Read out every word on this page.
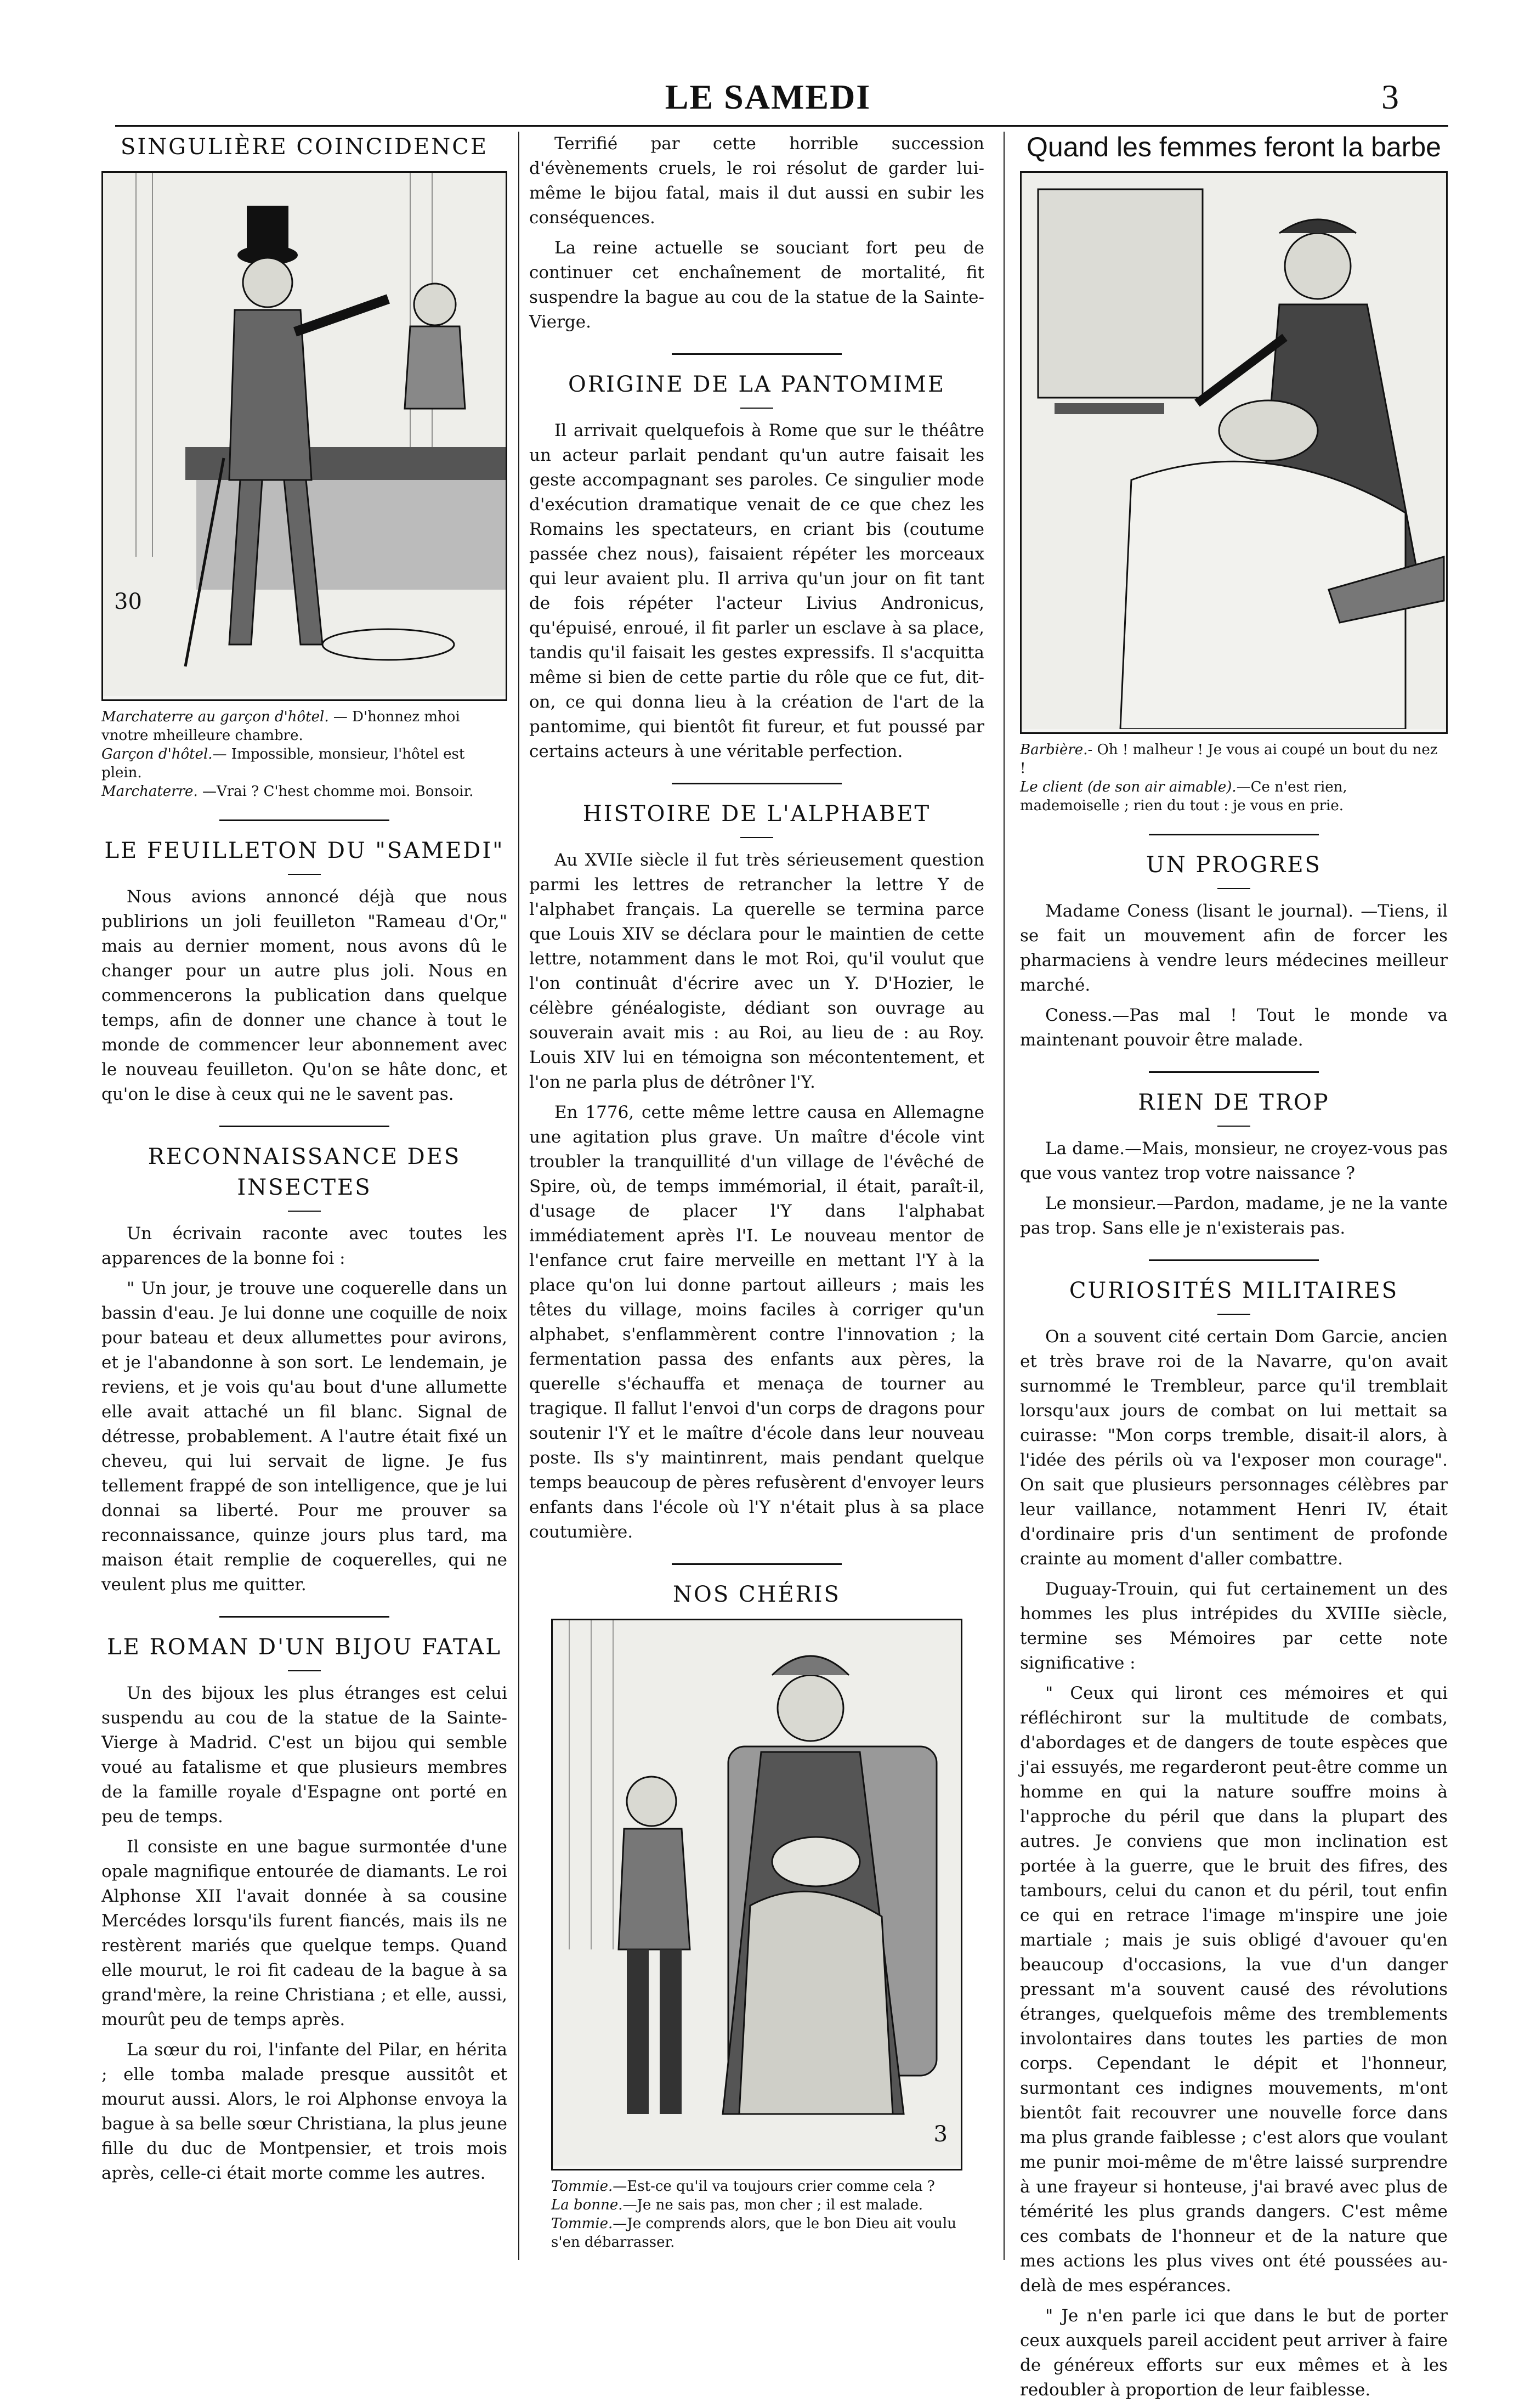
LE SAMEDI	3
SINGULIÈRE COINCIDENCE
30
Marchaterre au garçon d'hôtel. — D'honnez mhoi vnotre mheilleure chambre.
Garçon d'hôtel.— Impossible, monsieur, l'hôtel est plein.
Marchaterre. —Vrai ? C'hest chomme moi. Bonsoir.
LE FEUILLETON DU "SAMEDI"

Nous avions annoncé déjà que nous publirions un joli feuilleton "Rameau d'Or," mais au dernier moment, nous avons dû le changer pour un autre plus joli. Nous en commencerons la publication dans quelque temps, afin de donner une chance à tout le monde de commencer leur abonnement avec le nouveau feuilleton. Qu'on se hâte donc, et qu'on le dise à ceux qui ne le savent pas.

RECONNAISSANCE DES INSECTES

Un écrivain raconte avec toutes les apparences de la bonne foi :

" Un jour, je trouve une coquerelle dans un bassin d'eau. Je lui donne une coquille de noix pour bateau et deux allumettes pour avirons, et je l'abandonne à son sort. Le lendemain, je reviens, et je vois qu'au bout d'une allumette elle avait attaché un fil blanc. Signal de détresse, probablement. A l'autre était fixé un cheveu, qui lui servait de ligne. Je fus tellement frappé de son intelligence, que je lui donnai sa liberté. Pour me prouver sa reconnaissance, quinze jours plus tard, ma maison était remplie de coquerelles, qui ne veulent plus me quitter.

LE ROMAN D'UN BIJOU FATAL

Un des bijoux les plus étranges est celui suspendu au cou de la statue de la Sainte-Vierge à Madrid. C'est un bijou qui semble voué au fatalisme et que plusieurs membres de la famille royale d'Espagne ont porté en peu de temps.

Il consiste en une bague surmontée d'une opale magnifique entourée de diamants. Le roi Alphonse XII l'avait donnée à sa cousine Mercédes lorsqu'ils furent fiancés, mais ils ne restèrent mariés que quelque temps. Quand elle mourut, le roi fit cadeau de la bague à sa grand'mère, la reine Christiana ; et elle, aussi, mourût peu de temps après.

La sœur du roi, l'infante del Pilar, en hérita ; elle tomba malade presque aussitôt et mourut aussi. Alors, le roi Alphonse envoya la bague à sa belle sœur Christiana, la plus jeune fille du duc de Montpensier, et trois mois après, celle-ci était morte comme les autres.

Terrifié par cette horrible succession d'évènements cruels, le roi résolut de garder lui-même le bijou fatal, mais il dut aussi en subir les conséquences.

La reine actuelle se souciant fort peu de continuer cet enchaînement de mortalité, fit suspendre la bague au cou de la statue de la Sainte-Vierge.

ORIGINE DE LA PANTOMIME

Il arrivait quelquefois à Rome que sur le théâtre un acteur parlait pendant qu'un autre faisait les geste accompagnant ses paroles. Ce singulier mode d'exécution dramatique venait de ce que chez les Romains les spectateurs, en criant bis (coutume passée chez nous), faisaient répéter les morceaux qui leur avaient plu. Il arriva qu'un jour on fit tant de fois répéter l'acteur Livius Andronicus, qu'épuisé, enroué, il fit parler un esclave à sa place, tandis qu'il faisait les gestes expressifs. Il s'acquitta même si bien de cette partie du rôle que ce fut, dit-on, ce qui donna lieu à la création de l'art de la pantomime, qui bientôt fit fureur, et fut poussé par certains acteurs à une véritable perfection.

HISTOIRE DE L'ALPHABET

Au XVIIe siècle il fut très sérieusement question parmi les lettres de retrancher la lettre Y de l'alphabet français. La querelle se termina parce que Louis XIV se déclara pour le maintien de cette lettre, notamment dans le mot Roi, qu'il voulut que l'on continuât d'écrire avec un Y. D'Hozier, le célèbre généalogiste, dédiant son ouvrage au souverain avait mis : au Roi, au lieu de : au Roy. Louis XIV lui en témoigna son mécontentement, et l'on ne parla plus de détrôner l'Y.

En 1776, cette même lettre causa en Allemagne une agitation plus grave. Un maître d'école vint troubler la tranquillité d'un village de l'évêché de Spire, où, de temps immémorial, il était, paraît-il, d'usage de placer l'Y dans l'alphabat immédiatement après l'I. Le nouveau mentor de l'enfance crut faire merveille en mettant l'Y à la place qu'on lui donne partout ailleurs ; mais les têtes du village, moins faciles à corriger qu'un alphabet, s'enflammèrent contre l'innovation ; la fermentation passa des enfants aux pères, la querelle s'échauffa et menaça de tourner au tragique. Il fallut l'envoi d'un corps de dragons pour soutenir l'Y et le maître d'école dans leur nouveau poste. Ils s'y maintinrent, mais pendant quelque temps beaucoup de pères refusèrent d'envoyer leurs enfants dans l'école où l'Y n'était plus à sa place coutumière.

NOS CHÉRIS
3
Tommie.—Est-ce qu'il va toujours crier comme cela ?
La bonne.—Je ne sais pas, mon cher ; il est malade.
Tommie.—Je comprends alors, que le bon Dieu ait voulu s'en débarrasser.
Quand les femmes feront la barbe
Barbière.- Oh ! malheur ! Je vous ai coupé un bout du nez !
Le client (de son air aimable).—Ce n'est rien, mademoiselle ; rien du tout : je vous en prie.
UN PROGRES

Madame Coness (lisant le journal). —Tiens, il se fait un mouvement afin de forcer les pharmaciens à vendre leurs médecines meilleur marché.

Coness.—Pas mal ! Tout le monde va maintenant pouvoir être malade.

RIEN DE TROP

La dame.—Mais, monsieur, ne croyez-vous pas que vous vantez trop votre naissance ?

Le monsieur.—Pardon, madame, je ne la vante pas trop. Sans elle je n'existerais pas.

CURIOSITÉS MILITAIRES

On a souvent cité certain Dom Garcie, ancien et très brave roi de la Navarre, qu'on avait surnommé le Trembleur, parce qu'il tremblait lorsqu'aux jours de combat on lui mettait sa cuirasse: "Mon corps tremble, disait-il alors, à l'idée des périls où va l'exposer mon courage". On sait que plusieurs personnages célèbres par leur vaillance, notamment Henri IV, était d'ordinaire pris d'un sentiment de profonde crainte au moment d'aller combattre.

Duguay-Trouin, qui fut certainement un des hommes les plus intrépides du XVIIIe siècle, termine ses Mémoires par cette note significative :

" Ceux qui liront ces mémoires et qui réfléchiront sur la multitude de combats, d'abordages et de dangers de toute espèces que j'ai essuyés, me regarderont peut-être comme un homme en qui la nature souffre moins à l'approche du péril que dans la plupart des autres. Je conviens que mon inclination est portée à la guerre, que le bruit des fifres, des tambours, celui du canon et du péril, tout enfin ce qui en retrace l'image m'inspire une joie martiale ; mais je suis obligé d'avouer qu'en beaucoup d'occasions, la vue d'un danger pressant m'a souvent causé des révolutions étranges, quelquefois même des tremblements involontaires dans toutes les parties de mon corps. Cependant le dépit et l'honneur, surmontant ces indignes mouvements, m'ont bientôt fait recouvrer une nouvelle force dans ma plus grande faiblesse ; c'est alors que voulant me punir moi-même de m'être laissé surprendre à une frayeur si honteuse, j'ai bravé avec plus de témérité les plus grands dangers. C'est même ces combats de l'honneur et de la nature que mes actions les plus vives ont été poussées au-delà de mes espérances.

" Je n'en parle ici que dans le but de porter ceux auxquels pareil accident peut arriver à faire de généreux efforts sur eux mêmes et à les redoubler à proportion de leur faiblesse.
